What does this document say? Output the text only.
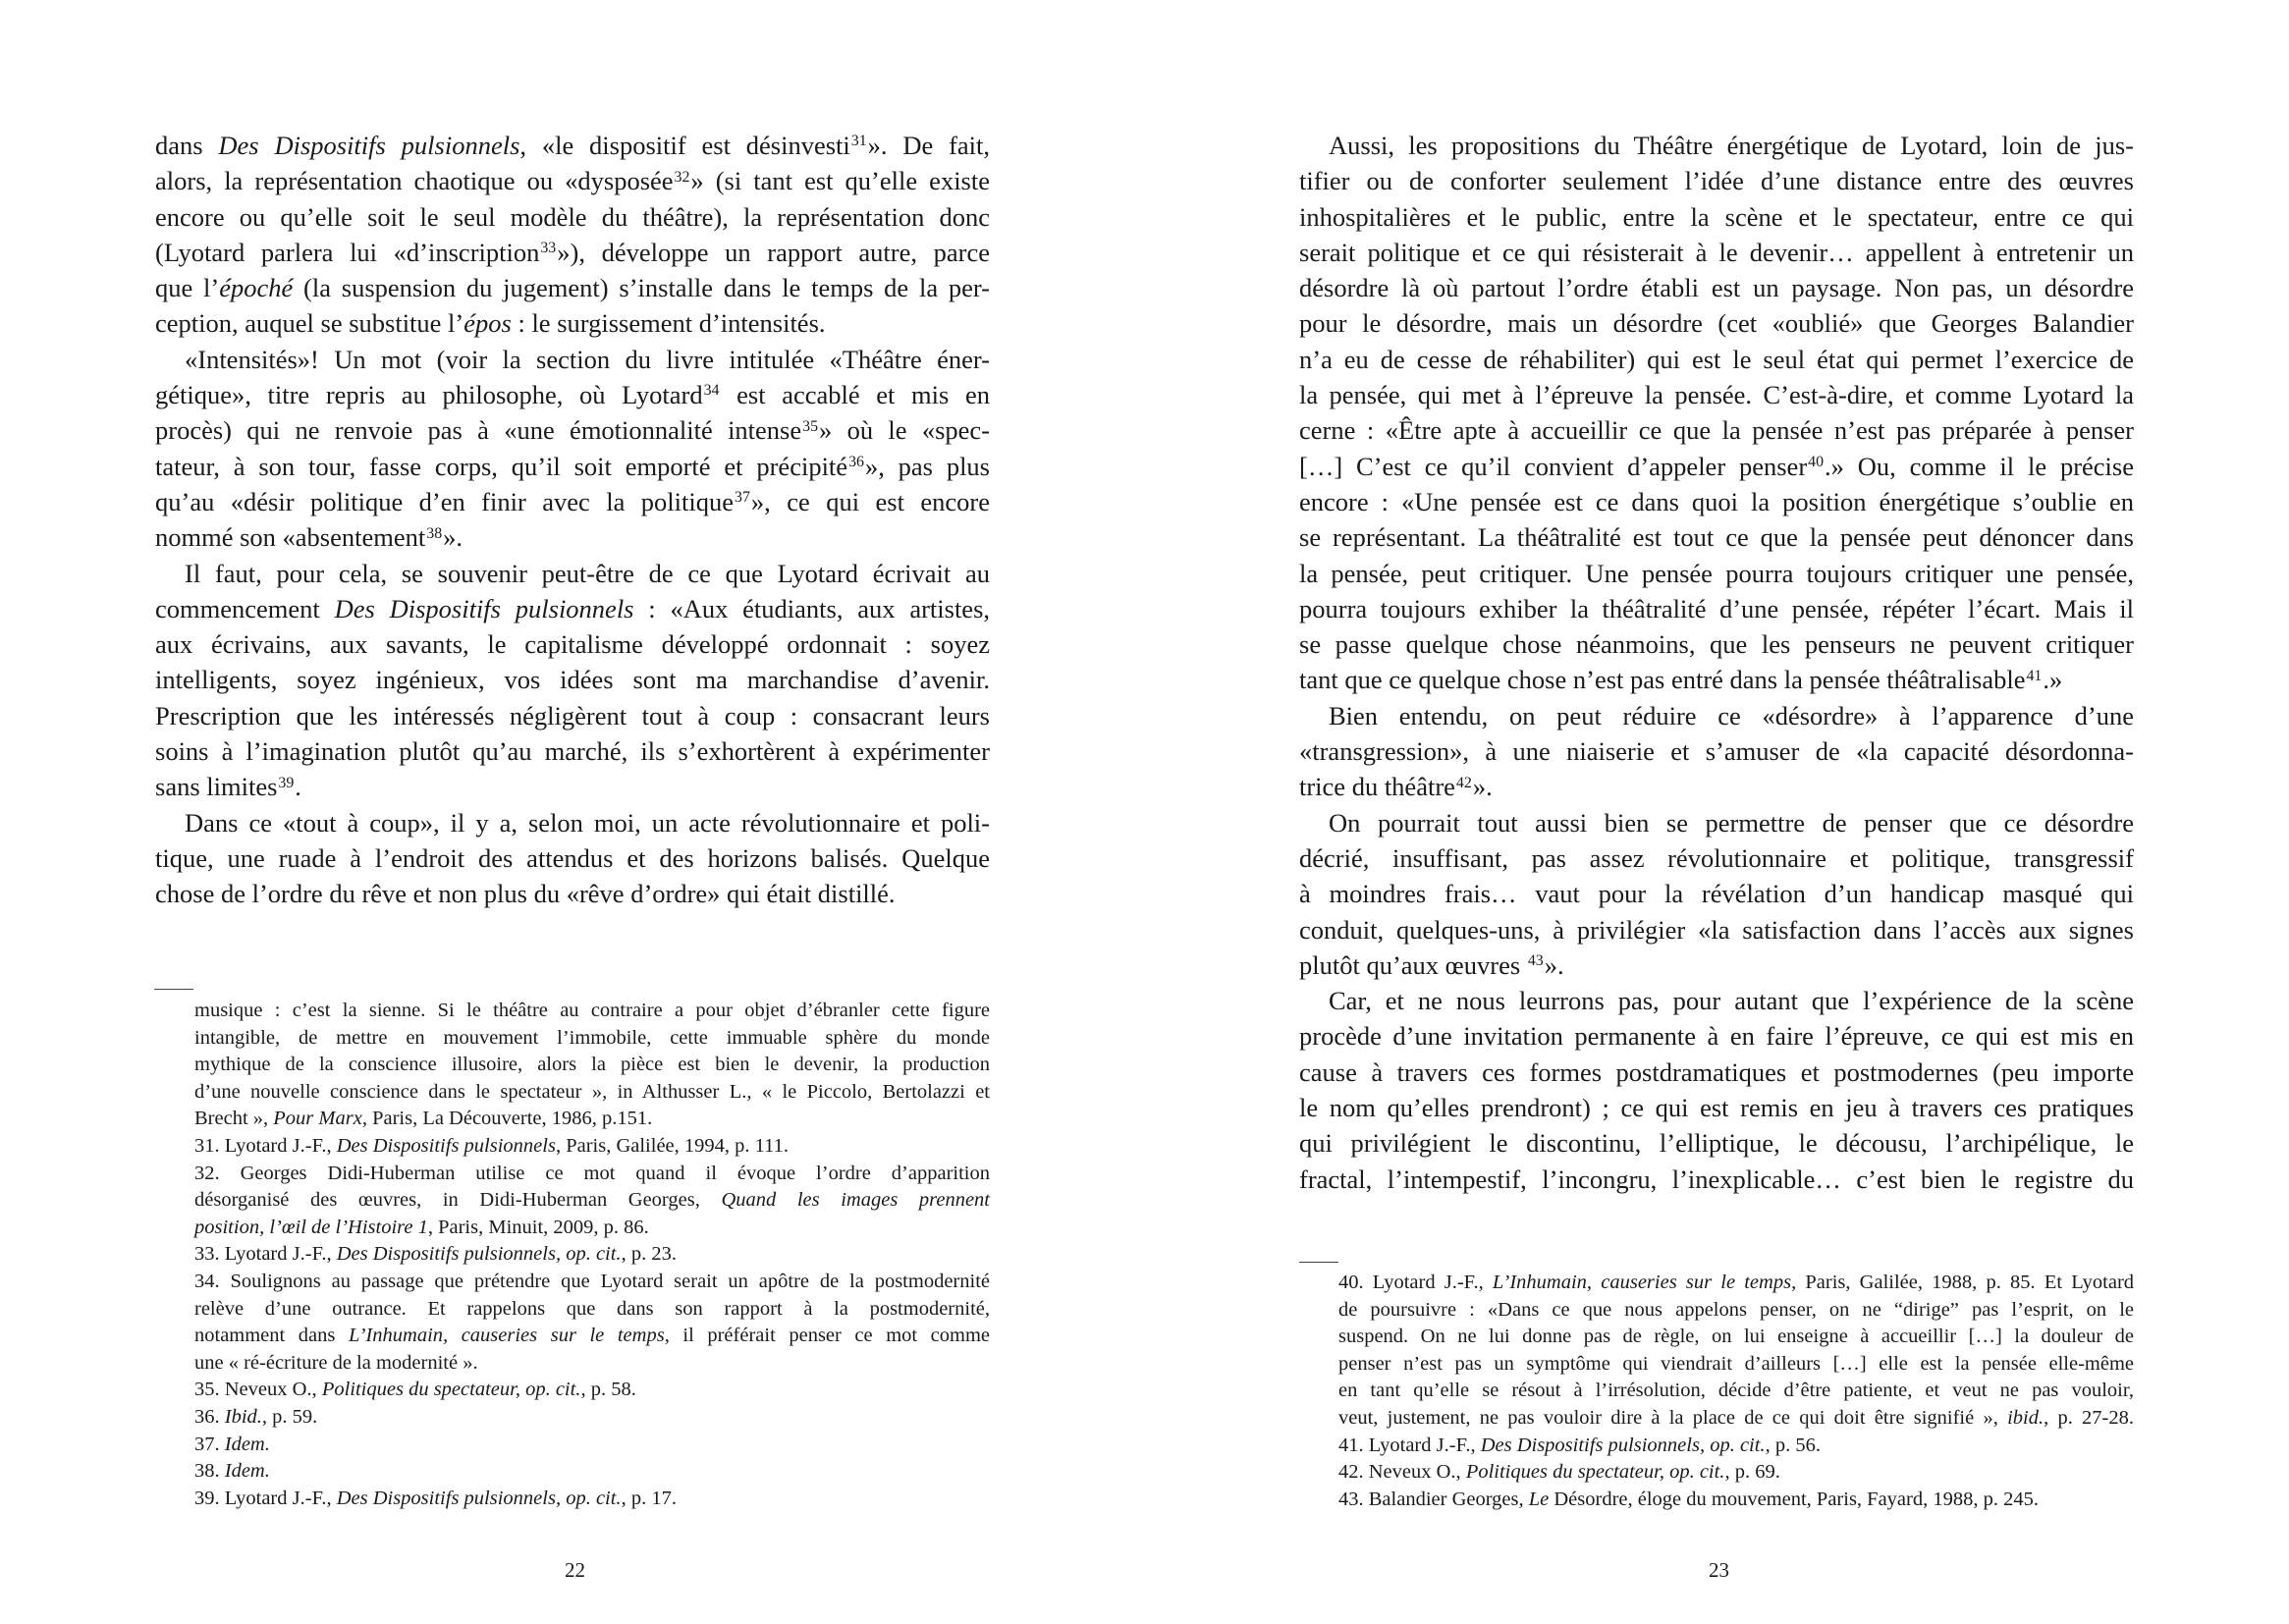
dans Des Dispositifs pulsionnels, «le dispositif est désinvesti$^{31}$». De fait,
alors, la représentation chaotique ou «dysposée$^{32}$» (si tant est qu’elle existe
encore ou qu’elle soit le seul modèle du théâtre), la représentation donc
(Lyotard parlera lui «d’inscription$^{33}$»), développe un rapport autre, parce
que l’époché (la suspension du jugement) s’installe dans le temps de la per-
ception, auquel se substitue l’épos : le surgissement d’intensités.
«Intensités»! Un mot (voir la section du livre intitulée «Théâtre éner-
gétique», titre repris au philosophe, où Lyotard$^{34}$ est accablé et mis en
procès) qui ne renvoie pas à «une émotionnalité intense$^{35}$» où le «spec-
tateur, à son tour, fasse corps, qu’il soit emporté et précipité$^{36}$», pas plus
qu’au «désir politique d’en finir avec la politique$^{37}$», ce qui est encore
nommé son «absentement$^{38}$».
Il faut, pour cela, se souvenir peut-être de ce que Lyotard écrivait au
commencement Des Dispositifs pulsionnels : «Aux étudiants, aux artistes,
aux écrivains, aux savants, le capitalisme développé ordonnait : soyez
intelligents, soyez ingénieux, vos idées sont ma marchandise d’avenir.
Prescription que les intéressés négligèrent tout à coup : consacrant leurs
soins à l’imagination plutôt qu’au marché, ils s’exhortèrent à expérimenter
sans limites$^{39}$.
Dans ce «tout à coup», il y a, selon moi, un acte révolutionnaire et poli-
tique, une ruade à l’endroit des attendus et des horizons balisés. Quelque
chose de l’ordre du rêve et non plus du «rêve d’ordre» qui était distillé.
musique : c’est la sienne. Si le théâtre au contraire a pour objet d’ébranler cette figure
intangible, de mettre en mouvement l’immobile, cette immuable sphère du monde
mythique de la conscience illusoire, alors la pièce est bien le devenir, la production
d’une nouvelle conscience dans le spectateur », in Althusser L., « le Piccolo, Bertolazzi et
Brecht », Pour Marx, Paris, La Découverte, 1986, p.151.
31. Lyotard J.-F., Des Dispositifs pulsionnels, Paris, Galilée, 1994, p. 111.
32. Georges Didi-Huberman utilise ce mot quand il évoque l’ordre d’apparition
désorganisé des œuvres, in Didi-Huberman Georges, Quand les images prennent
position, l’œil de l’Histoire 1, Paris, Minuit, 2009, p. 86.
33. Lyotard J.-F., Des Dispositifs pulsionnels, op. cit., p. 23.
34. Soulignons au passage que prétendre que Lyotard serait un apôtre de la postmodernité
relève d’une outrance. Et rappelons que dans son rapport à la postmodernité,
notamment dans L’Inhumain, causeries sur le temps, il préférait penser ce mot comme
une « ré-écriture de la modernité ».
35. Neveux O., Politiques du spectateur, op. cit., p. 58.
36. Ibid., p. 59.
37. Idem.
38. Idem.
39. Lyotard J.-F., Des Dispositifs pulsionnels, op. cit., p. 17.
22
Aussi, les propositions du Théâtre énergétique de Lyotard, loin de jus-
tifier ou de conforter seulement l’idée d’une distance entre des œuvres
inhospitalières et le public, entre la scène et le spectateur, entre ce qui
serait politique et ce qui résisterait à le devenir… appellent à entretenir un
désordre là où partout l’ordre établi est un paysage. Non pas, un désordre
pour le désordre, mais un désordre (cet «oublié» que Georges Balandier
n’a eu de cesse de réhabiliter) qui est le seul état qui permet l’exercice de
la pensée, qui met à l’épreuve la pensée. C’est-à-dire, et comme Lyotard la
cerne : «Être apte à accueillir ce que la pensée n’est pas préparée à penser
[…] C’est ce qu’il convient d’appeler penser$^{40}$.» Ou, comme il le précise
encore : «Une pensée est ce dans quoi la position énergétique s’oublie en
se représentant. La théâtralité est tout ce que la pensée peut dénoncer dans
la pensée, peut critiquer. Une pensée pourra toujours critiquer une pensée,
pourra toujours exhiber la théâtralité d’une pensée, répéter l’écart. Mais il
se passe quelque chose néanmoins, que les penseurs ne peuvent critiquer
tant que ce quelque chose n’est pas entré dans la pensée théâtralisable$^{41}$.»
Bien entendu, on peut réduire ce «désordre» à l’apparence d’une
«transgression», à une niaiserie et s’amuser de «la capacité désordonna-
trice du théâtre$^{42}$».
On pourrait tout aussi bien se permettre de penser que ce désordre
décrié, insuffisant, pas assez révolutionnaire et politique, transgressif
à moindres frais… vaut pour la révélation d’un handicap masqué qui
conduit, quelques-uns, à privilégier «la satisfaction dans l’accès aux signes
plutôt qu’aux œuvres $^{43}$».
Car, et ne nous leurrons pas, pour autant que l’expérience de la scène
procède d’une invitation permanente à en faire l’épreuve, ce qui est mis en
cause à travers ces formes postdramatiques et postmodernes (peu importe
le nom qu’elles prendront) ; ce qui est remis en jeu à travers ces pratiques
qui privilégient le discontinu, l’elliptique, le décousu, l’archipélique, le
fractal, l’intempestif, l’incongru, l’inexplicable… c’est bien le registre du
40. Lyotard J.-F., L’Inhumain, causeries sur le temps, Paris, Galilée, 1988, p. 85. Et Lyotard
de poursuivre : «Dans ce que nous appelons penser, on ne “dirige” pas l’esprit, on le
suspend. On ne lui donne pas de règle, on lui enseigne à accueillir […] la douleur de
penser n’est pas un symptôme qui viendrait d’ailleurs […] elle est la pensée elle-même
en tant qu’elle se résout à l’irrésolution, décide d’être patiente, et veut ne pas vouloir,
veut, justement, ne pas vouloir dire à la place de ce qui doit être signifié », ibid., p. 27-28.
41. Lyotard J.-F., Des Dispositifs pulsionnels, op. cit., p. 56.
42. Neveux O., Politiques du spectateur, op. cit., p. 69.
43. Balandier Georges, Le Désordre, éloge du mouvement, Paris, Fayard, 1988, p. 245.
23
